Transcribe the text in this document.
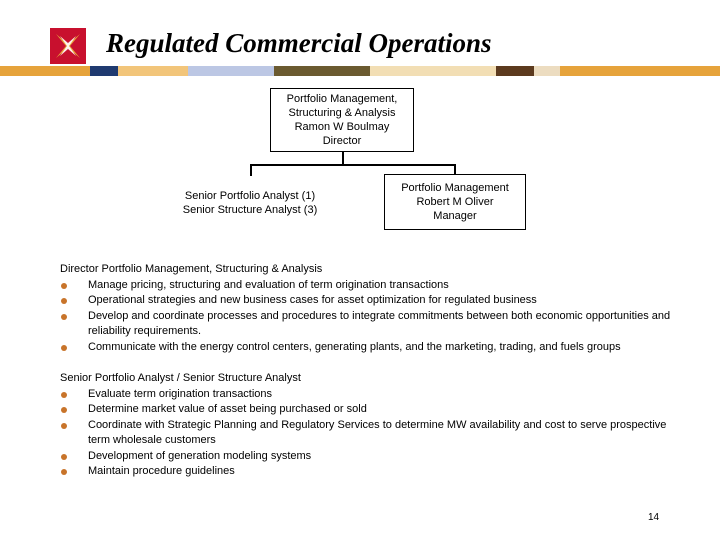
Regulated Commercial Operations
Portfolio Management,
Structuring & Analysis
Ramon W Boulmay
Director
Senior Portfolio Analyst (1)
Senior Structure Analyst (3)
Portfolio Management
Robert M Oliver
Manager
Director Portfolio Management, Structuring & Analysis
Manage pricing, structuring and evaluation of term origination transactions
Operational strategies and new business cases for asset optimization for regulated business
Develop and coordinate processes and procedures to integrate commitments between both economic opportunities and reliability requirements.
Communicate with the energy control centers, generating plants, and the marketing, trading, and fuels groups
Senior Portfolio Analyst / Senior Structure Analyst
Evaluate term origination transactions
Determine market value of asset being purchased or sold
Coordinate with Strategic Planning and Regulatory Services to determine MW availability and cost to serve prospective term wholesale customers
Development of generation modeling systems
Maintain procedure guidelines
14
